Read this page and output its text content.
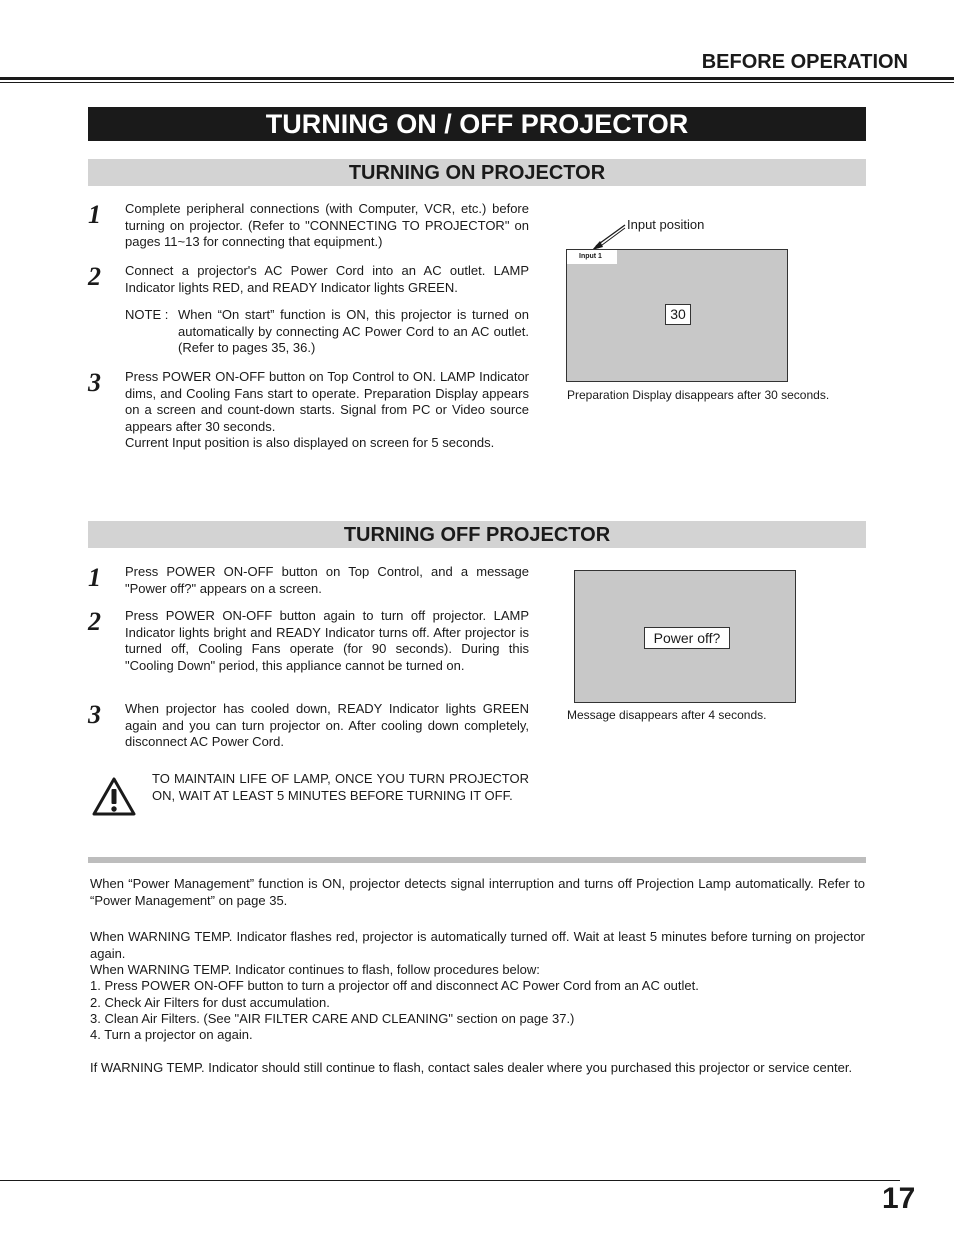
BEFORE OPERATION
TURNING ON / OFF PROJECTOR
TURNING ON PROJECTOR
1 Complete peripheral connections (with Computer, VCR, etc.) before turning on projector. (Refer to "CONNECTING TO PROJECTOR" on pages 11~13 for connecting that equipment.)
2 Connect a projector's AC Power Cord into an AC outlet. LAMP Indicator lights RED, and READY Indicator lights GREEN.
NOTE : When “On start” function is ON, this projector is turned on automatically by connecting AC Power Cord to an AC outlet. (Refer to pages 35, 36.)
3 Press POWER ON-OFF button on Top Control to ON. LAMP Indicator dims, and Cooling Fans start to operate. Preparation Display appears on a screen and count-down starts. Signal from PC or Video source appears after 30 seconds.
Current Input position is also displayed on screen for 5 seconds.
Input position
Input 1
30
Preparation Display disappears after 30 seconds.
TURNING OFF PROJECTOR
1 Press POWER ON-OFF button on Top Control, and a message "Power off?" appears on a screen.
2 Press POWER ON-OFF button again to turn off projector. LAMP Indicator lights bright and READY Indicator turns off. After projector is turned off, Cooling Fans operate (for 90 seconds). During this "Cooling Down" period, this appliance cannot be turned on.
3 When projector has cooled down, READY Indicator lights GREEN again and you can turn projector on. After cooling down completely, disconnect AC Power Cord.
Power off?
Message disappears after 4 seconds.
TO MAINTAIN LIFE OF LAMP, ONCE YOU TURN PROJECTOR ON, WAIT AT LEAST 5 MINUTES BEFORE TURNING IT OFF.
When “Power Management” function is ON, projector detects signal interruption and turns off Projection Lamp automatically. Refer to “Power Management” on page 35.
When WARNING TEMP. Indicator flashes red, projector is automatically turned off. Wait at least 5 minutes before turning on projector again.
When WARNING TEMP. Indicator continues to flash, follow procedures below:
1. Press POWER ON-OFF button to turn a projector off and disconnect AC Power Cord from an AC outlet.
2. Check Air Filters for dust accumulation.
3. Clean Air Filters. (See "AIR FILTER CARE AND CLEANING" section on page 37.)
4. Turn a projector on again.
If WARNING TEMP. Indicator should still continue to flash, contact sales dealer where you purchased this projector or service center.
17
